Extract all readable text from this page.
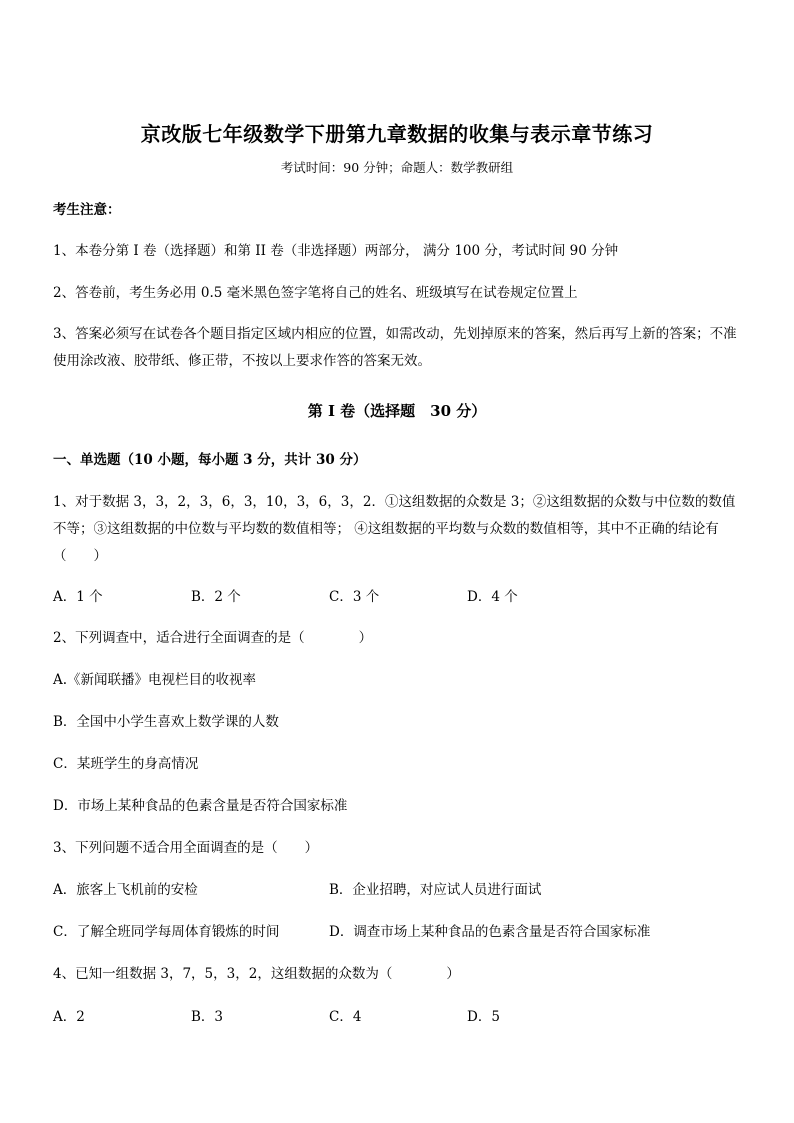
京改版七年级数学下册第九章数据的收集与表示章节练习
考试时间：90 分钟；命题人：数学教研组
考生注意：
1、本卷分第 I 卷（选择题）和第 II 卷（非选择题）两部分， 满分 100 分，考试时间 90 分钟
2、答卷前，考生务必用 0.5 毫米黑色签字笔将自己的姓名、班级填写在试卷规定位置上
3、答案必须写在试卷各个题目指定区域内相应的位置，如需改动，先划掉原来的答案，然后再写上新的答案；不准使用涂改液、胶带纸、修正带，不按以上要求作答的答案无效。
第 I 卷（选择题　30 分）
一、单选题（10 小题，每小题 3 分，共计 30 分）
1、对于数据 3，3，2，3，6，3，10，3，6，3，2．①这组数据的众数是 3；②这组数据的众数与中位数的数值不等；③这组数据的中位数与平均数的数值相等； ④这组数据的平均数与众数的数值相等，其中不正确的结论有（　　）
A．1 个	B．2 个	C．3 个	D．4 个
2、下列调查中，适合进行全面调查的是（　　　　）
A.《新闻联播》电视栏目的收视率
B．全国中小学生喜欢上数学课的人数
C．某班学生的身高情况
D．市场上某种食品的色素含量是否符合国家标准
3、下列问题不适合用全面调查的是（　　）
A．旅客上飞机前的安检	B．企业招聘，对应试人员进行面试
C．了解全班同学每周体育锻炼的时间	D．调查市场上某种食品的色素含量是否符合国家标准
4、已知一组数据 3，7，5，3，2，这组数据的众数为（　　　　）
A．2	B．3	C．4	D．5
